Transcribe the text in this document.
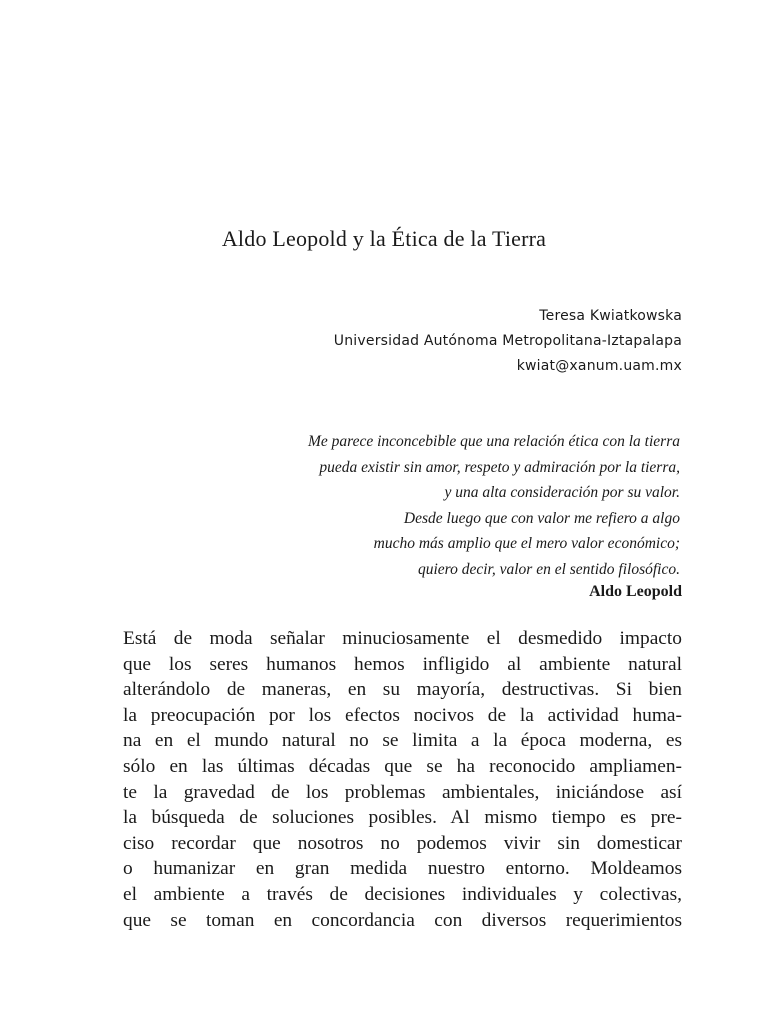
Aldo Leopold y la Ética de la Tierra
Teresa Kwiatkowska
Universidad Autónoma Metropolitana-Iztapalapa
kwiat@xanum.uam.mx
Me parece inconcebible que una relación ética con la tierra
pueda existir sin amor, respeto y admiración por la tierra,
y una alta consideración por su valor.
Desde luego que con valor me refiero a algo
mucho más amplio que el mero valor económico;
quiero decir, valor en el sentido filosófico.
Aldo Leopold
Está de moda señalar minuciosamente el desmedido impacto
que los seres humanos hemos infligido al ambiente natural
alterándolo de maneras, en su mayoría, destructivas. Si bien
la preocupación por los efectos nocivos de la actividad huma-
na en el mundo natural no se limita a la época moderna, es
sólo en las últimas décadas que se ha reconocido ampliamen-
te la gravedad de los problemas ambientales, iniciándose así
la búsqueda de soluciones posibles. Al mismo tiempo es pre-
ciso recordar que nosotros no podemos vivir sin domesticar
o humanizar en gran medida nuestro entorno. Moldeamos
el ambiente a través de decisiones individuales y colectivas,
que se toman en concordancia con diversos requerimientos
